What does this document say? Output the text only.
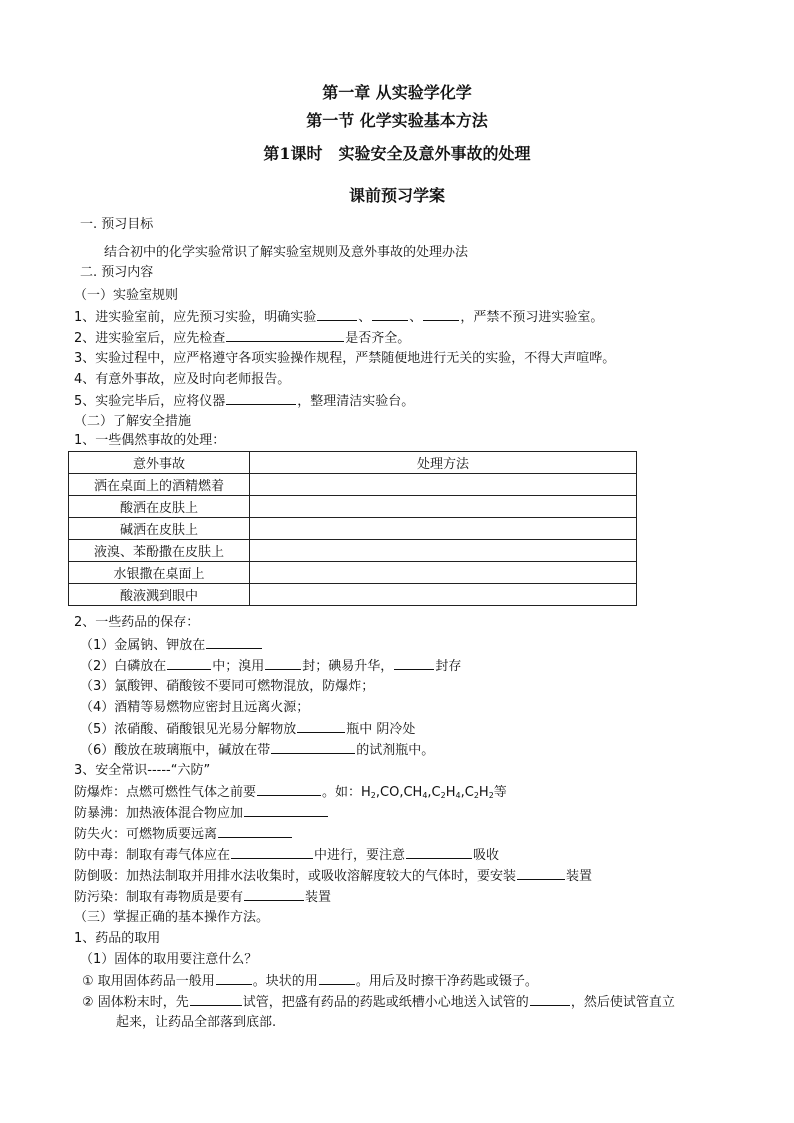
第一章 从实验学化学
第一节 化学实验基本方法
第1课时　实验安全及意外事故的处理
课前预习学案
一. 预习目标
结合初中的化学实验常识了解实验室规则及意外事故的处理办法
二. 预习内容
（一）实验室规则
1、进实验室前，应先预习实验，明确实验	、	、	，严禁不预习进实验室。
2、进实验室后，应先检查	是否齐全。
3、实验过程中，应严格遵守各项实验操作规程，严禁随便地进行无关的实验，不得大声喧哗。
4、有意外事故，应及时向老师报告。
5、实验完毕后，应将仪器	，整理清洁实验台。
（二）了解安全措施
1、一些偶然事故的处理：
意外事故	处理方法
洒在桌面上的酒精燃着	
酸洒在皮肤上	
碱洒在皮肤上	
液溴、苯酚撒在皮肤上	
水银撒在桌面上	
酸液溅到眼中	
2、一些药品的保存：
（1）金属钠、钾放在
（2）白磷放在	中；溴用	封；碘易升华，	封存
（3）氯酸钾、硝酸铵不要同可燃物混放，防爆炸；
（4）酒精等易燃物应密封且远离火源；
（5）浓硝酸、硝酸银见光易分解物放	瓶中 阴冷处
（6）酸放在玻璃瓶中，碱放在带	的试剂瓶中。
3、安全常识-----“六防”
防爆炸：点燃可燃性气体之前要	。如：$H_2,CO,CH_4,C_2H_4,C_2H_2$等
防暴沸：加热液体混合物应加
防失火：可燃物质要远离
防中毒：制取有毒气体应在	中进行，要注意	吸收
防倒吸：加热法制取并用排水法收集时，或吸收溶解度较大的气体时，要安装	装置
防污染：制取有毒物质是要有	装置
（三）掌握正确的基本操作方法。
1、药品的取用
（1）固体的取用要注意什么？
① 取用固体药品一般用	。块状的用	。用后及时擦干净药匙或镊子。
② 固体粉末时，先	试管，把盛有药品的药匙或纸槽小心地送入试管的	，然后使试管直立
起来，让药品全部落到底部.
